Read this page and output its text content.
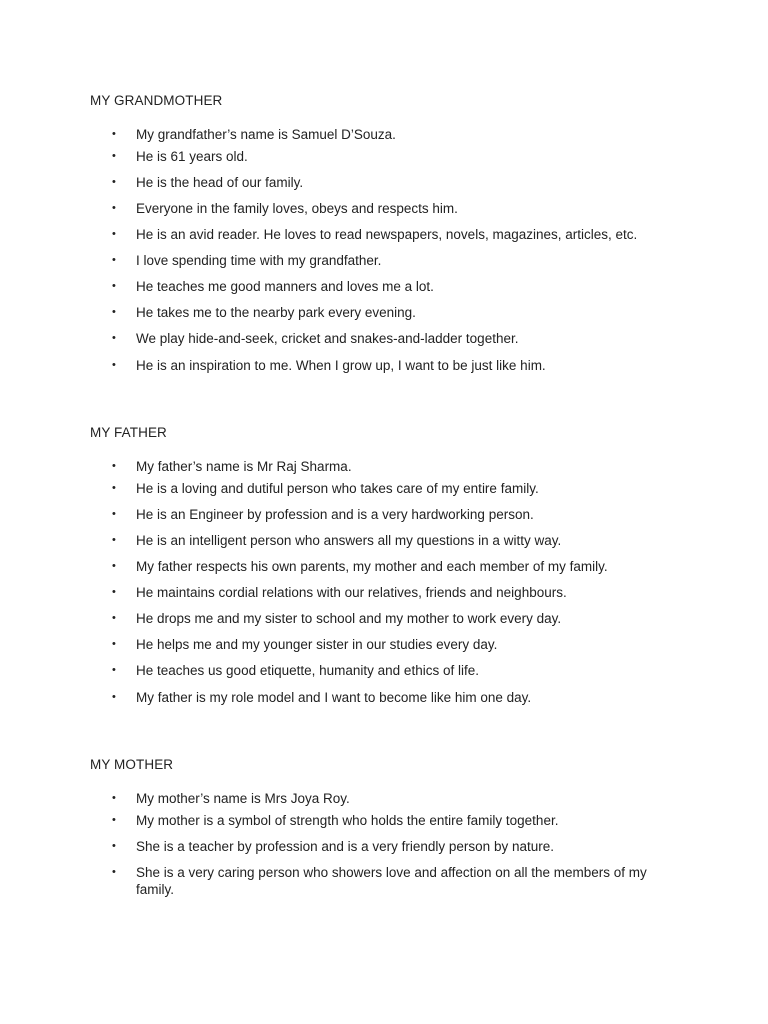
MY GRANDMOTHER
• My grandfather’s name is Samuel D’Souza.
• He is 61 years old.
• He is the head of our family.
• Everyone in the family loves, obeys and respects him.
• He is an avid reader. He loves to read newspapers, novels, magazines, articles, etc.
• I love spending time with my grandfather.
• He teaches me good manners and loves me a lot.
• He takes me to the nearby park every evening.
• We play hide-and-seek, cricket and snakes-and-ladder together.
• He is an inspiration to me. When I grow up, I want to be just like him.
MY FATHER
• My father’s name is Mr Raj Sharma.
• He is a loving and dutiful person who takes care of my entire family.
• He is an Engineer by profession and is a very hardworking person.
• He is an intelligent person who answers all my questions in a witty way.
• My father respects his own parents, my mother and each member of my family.
• He maintains cordial relations with our relatives, friends and neighbours.
• He drops me and my sister to school and my mother to work every day.
• He helps me and my younger sister in our studies every day.
• He teaches us good etiquette, humanity and ethics of life.
• My father is my role model and I want to become like him one day.
MY MOTHER
• My mother’s name is Mrs Joya Roy.
• My mother is a symbol of strength who holds the entire family together.
• She is a teacher by profession and is a very friendly person by nature.
• She is a very caring person who showers love and affection on all the members of my family.
